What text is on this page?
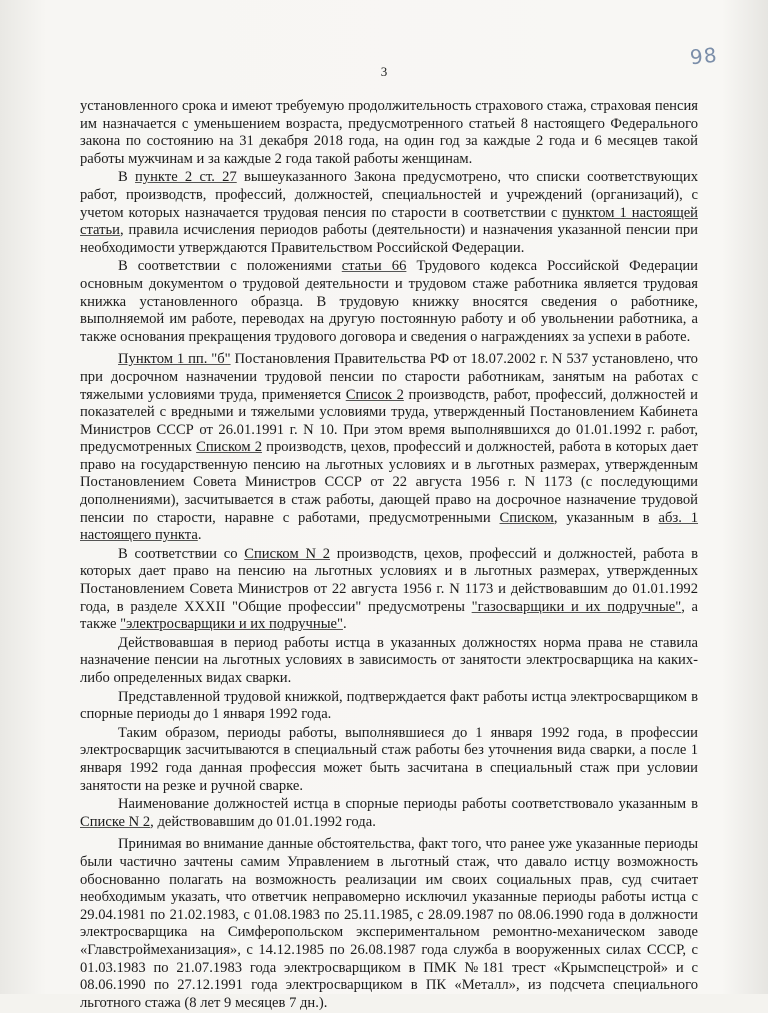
3
98

установленного срока и имеют требуемую продолжительность страхового стажа, страховая пенсия им назначается с уменьшением возраста, предусмотренного статьей 8 настоящего Федерального закона по состоянию на 31 декабря 2018 года, на один год за каждые 2 года и 6 месяцев такой работы мужчинам и за каждые 2 года такой работы женщинам.

В пункте 2 ст. 27 вышеуказанного Закона предусмотрено, что списки соответствующих работ, производств, профессий, должностей, специальностей и учреждений (организаций), с учетом которых назначается трудовая пенсия по старости в соответствии с пунктом 1 настоящей статьи, правила исчисления периодов работы (деятельности) и назначения указанной пенсии при необходимости утверждаются Правительством Российской Федерации.

В соответствии с положениями статьи 66 Трудового кодекса Российской Федерации основным документом о трудовой деятельности и трудовом стаже работника является трудовая книжка установленного образца. В трудовую книжку вносятся сведения о работнике, выполняемой им работе, переводах на другую постоянную работу и об увольнении работника, а также основания прекращения трудового договора и сведения о награждениях за успехи в работе.

Пунктом 1 пп. "б" Постановления Правительства РФ от 18.07.2002 г. N 537 установлено, что при досрочном назначении трудовой пенсии по старости работникам, занятым на работах с тяжелыми условиями труда, применяется Список 2 производств, работ, профессий, должностей и показателей с вредными и тяжелыми условиями труда, утвержденный Постановлением Кабинета Министров СССР от 26.01.1991 г. N 10. При этом время выполнявшихся до 01.01.1992 г. работ, предусмотренных Списком 2 производств, цехов, профессий и должностей, работа в которых дает право на государственную пенсию на льготных условиях и в льготных размерах, утвержденным Постановлением Совета Министров СССР от 22 августа 1956 г. N 1173 (с последующими дополнениями), засчитывается в стаж работы, дающей право на досрочное назначение трудовой пенсии по старости, наравне с работами, предусмотренными Списком, указанным в абз. 1 настоящего пункта.

В соответствии со Списком N 2 производств, цехов, профессий и должностей, работа в которых дает право на пенсию на льготных условиях и в льготных размерах, утвержденных Постановлением Совета Министров от 22 августа 1956 г. N 1173 и действовавшим до 01.01.1992 года, в разделе XXXII "Общие профессии" предусмотрены "газосварщики и их подручные", а также "электросварщики и их подручные".

Действовавшая в период работы истца в указанных должностях норма права не ставила назначение пенсии на льготных условиях в зависимость от занятости электросварщика на каких-либо определенных видах сварки.

Представленной трудовой книжкой, подтверждается факт работы истца электросварщиком в спорные периоды до 1 января 1992 года.

Таким образом, периоды работы, выполнявшиеся до 1 января 1992 года, в профессии электросварщик засчитываются в специальный стаж работы без уточнения вида сварки, а после 1 января 1992 года данная профессия может быть засчитана в специальный стаж при условии занятости на резке и ручной сварке.

Наименование должностей истца в спорные периоды работы соответствовало указанным в Списке N 2, действовавшим до 01.01.1992 года.

Принимая во внимание данные обстоятельства, факт того, что ранее уже указанные периоды были частично зачтены самим Управлением в льготный стаж, что давало истцу возможность обоснованно полагать на возможность реализации им своих социальных прав, суд считает необходимым указать, что ответчик неправомерно исключил указанные периоды работы истца с 29.04.1981 по 21.02.1983, с 01.08.1983 по 25.11.1985, с 28.09.1987 по 08.06.1990 года в должности электросварщика на Симферопольском экспериментальном ремонтно-механическом заводе «Главстроймеханизация», с 14.12.1985 по 26.08.1987 года служба в вооруженных силах СССР, с 01.03.1983 по 21.07.1983 года электросварщиком в ПМК №181 трест «Крымспецстрой» и с 08.06.1990 по 27.12.1991 года электросварщиком в ПК «Металл», из подсчета специального льготного стажа (8 лет 9 месяцев 7 дн.).
